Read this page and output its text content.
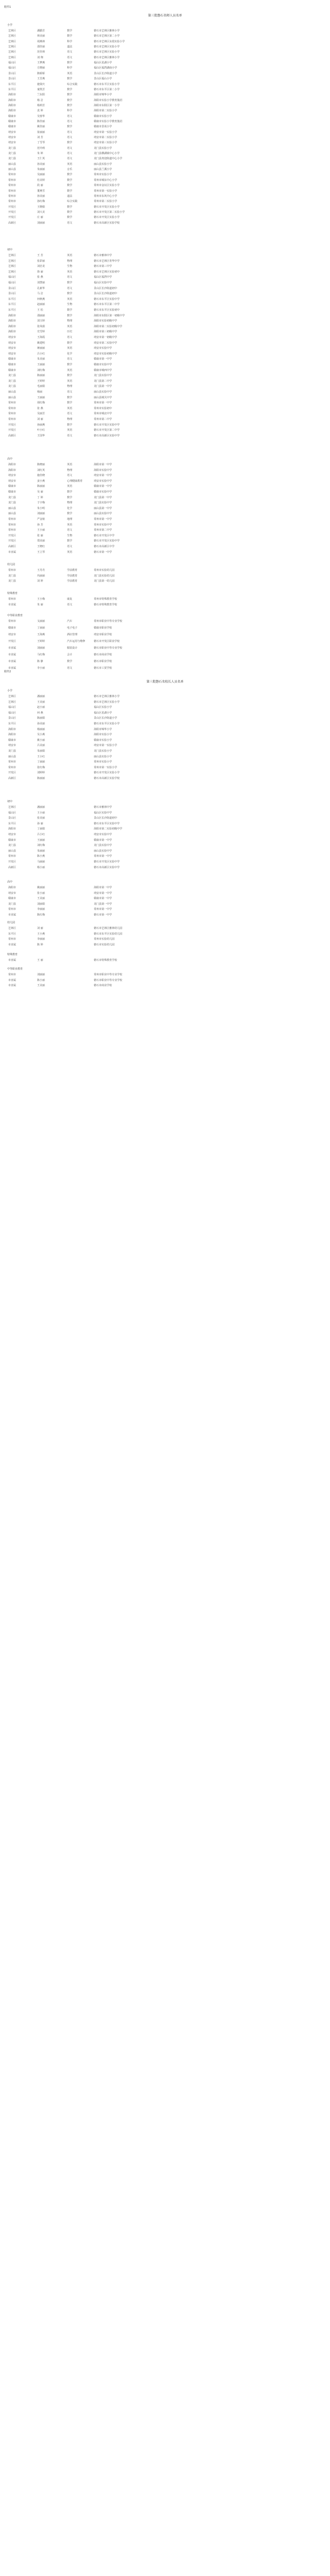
附件1
第三批磐石名师人员名单
小学
艺林区	潘勤芳	数学	磐石市艺林区雅林小学
艺林区	林美丽	数学	磐石市艺林区第二小学
艺林区	胡燕林	科学	磐石市艺林区东霞实验小学
艺林区	邵佳丽	道法	磐石市艺林区实验小学
艺林区	范佳林	语文	磐石市艺林区实验小学
艺林区	刘 翔	语文	磐石市艺林区雅林小学
福山区	王梦燕	数学	福山区星湖小学
福山区	方晓丽	科学	福山区福湾湖南小学
景山区	陈娇娇	英语	景山区长沙街道小学
景山区	王芳燕	数学	景山区福山小学
东平区	施贤庆	综合实践	磐石市东平区实验小学
东平区	童凯芳	数学	磐石市东平区第二小学
海阳市	兰东阳	数学	海阳市锦华小学
海阳市	杨 洁	数学	海阳市实验小学教育集团
海阳市	杨莉芳	数学	海阳市东阳区第一小学
海阳市	袁 婷	科学	海阳市第二实验小学
赣康市	吴蓉华	语文	赣康市实验小学
赣康市	陈佳丽	语文	赣康市实验小学教育集团
赣康市	姚佳丽	数学	赣康市景苑小学
靖安市	崔丽丽	语文	靖安市第一实验小学
靖安市	刘 芳	语文	靖安市第二实验小学
靖安市	丁雪琴	数学	靖安市第三实验小学
龙门县	范玲莉	语文	龙门县实验小学
龙门县	朱 婷	语文	龙门县横湖镇中心小学
龙门县	王仁英	语文	龙门县贵迎街道中心小学
丽山县	孙美丽	英语	丽山县实验小学
丽山县	朱丽丽	音乐	丽山县兰溪小学
常州市	吴丽丽	数学	常州市实验小学
常州市	杜美婷	数学	常州市城东中心小学
常州市	段 丽	数学	常州市金坛区实验小学
常州市	董燕雪	数学	常州市第一实验小学
常州市	孙美丽	道法	常州市东风中心小学
常州市	孙红梅	综合实践	常州市第二实验小学
开发区	王晓娟	数学	磐石市开发区实验小学
开发区	刘大美	数学	磐石市开发区第二实验小学
开发区	庄 丽	数学	磐石市开发区实验小学
高新区	刘丽丽	语文	磐石市高新区实验学校
初中
艺林区	王 芳	英语	磐石市雅林中学
艺林区	张彩丽	物理	磐石市艺林区育华中学
艺林区	刘忠龙	生物	磐石市第三中学
艺林区	徐 丽	英语	磐石市艺林区实验初中
福山区	张 燕	语文	福山区福湾中学
福山区	刘慧丽	数学	福山区实验中学
景山区	孔新华	语文	景山区长沙街道初中
景山区	马 洁	数学	景山区长沙街道初中
东平区	何秋燕	英语	磐石市东平区实验中学
东平区	赵丽丽	生物	磐石市东平区第二中学
东平区	王 松	数学	磐石市东平区实验初中
海阳市	邵丽丽	数学	海阳市东阳区第一初级中学
海阳市	刘玉婷	物理	海阳市实验初级中学
海阳市	张凤娟	英语	海阳市第二实验初级中学
海阳市	史雪婷	历史	海阳市第三初级中学
靖安市	王海霞	语文	靖安市第一初级中学
靖安市	姚建明	数学	靖安市第二实验中学
靖安市	蒋丽丽	英语	靖安市实验中学
靖安市	吕小红	化学	靖安市实验初级中学
赣康市	朱美丽	语文	赣康市第一中学
赣康市	王丽丽	数学	赣康市实验中学
赣康市	刘红梅	英语	赣康市城西中学
龙门县	陈丽丽	数学	龙门县实验中学
龙门县	王婷婷	英语	龙门县第二中学
龙门县	毛丽娟	物理	龙门县第一中学
丽山县	杨丽	语文	丽山县实验中学
丽山县	王丽丽	数学	丽山县城关中学
常州市	胡红梅	数学	常州市第一中学
常州市	张 燕	英语	常州市实验初中
常州市	吴丽芳	语文	常州市城北中学
常州市	刘 丽	物理	常州市第二中学
开发区	孙丽燕	数学	磐石市开发区实验中学
开发区	叶小红	英语	磐石市开发区第二中学
高新区	王国华	语文	磐石市高新区实验中学
高中
海阳市	陈晓丽	英语	海阳市第一中学
海阳市	刘红英	物理	海阳市实验中学
靖安市	施佳晓	语文	靖安市第一中学
靖安市	姜小燕	心理健康教育	靖安市实验中学
赣康市	陈丽丽	英语	赣康市第一中学
赣康市	吴 丽	数学	赣康市实验中学
龙门县	丁 婷	数学	龙门县第一中学
龙门县	于宇梅	物理	龙门县实验中学
丽山县	朱小明	化学	丽山县第一中学
丽山县	刘丽丽	数学	丽山县实验中学
常州市	严金铭	地理	常州市第一中学
常州市	孙 芳	英语	常州市实验中学
常州市	王小丽	语文	常州市第二中学
开发区	张 丽	生物	磐石市开发区中学
开发区	郑美丽	数学	磐石市开发区实验中学
高新区	王晓红	语文	磐石市高新区中学
市直属	王立琴	英语	磐石市第一中学
幼儿园
常州市	王丹丹	学前教育	常州市实验幼儿园
龙门县	玛丽丽	学前教育	龙门县实验幼儿园
龙门县	刘 婷	学前教育	龙门县第一幼儿园
特殊教育
常州市	王小梅	康复	常州市特殊教育学校
市直属	朱 丽	语文	磐石市特殊教育学校
中等职业教育
常州市	戈丽丽	汽车	常州市职业中等专业学校
赣康市	丁丽丽	电子电子	赣康市职业学校
靖安市	王海燕	酒店管理	靖安市职业学校
开发区	王婷婷	汽车运用与维修	磐石市开发区职业学校
市直属	刘丽丽	服装设计	磐石市职业中等专业学校
市直属	马红梅	会计	磐石市商业学校
市直属	陈 静	数学	磐石市职业学校
市直属	李小丽	语文	磐石市工贸学校
附件2
第三批磐石名校长人员名单
小学
艺林区	潘丽丽	磐石市艺林区雅林小学
艺林区	王美丽	磐石市艺林区实验小学
福山区	赵小丽	福山区实验小学
福山区	何 燕	福山区星湖小学
景山区	陈丽娟	景山区长沙街道小学
东平区	孙美丽	磐石市东平区实验小学
海阳市	杨丽丽	海阳市锦华小学
海阳市	吴小燕	海阳市实验小学
赣康市	姚小丽	赣康市实验小学
靖安市	吕美丽	靖安市第一实验小学
龙门县	朱丽娟	龙门县实验小学
丽山县	王小红	丽山县实验小学
常州市	丁丽丽	常州市实验小学
常州市	张红梅	常州市第一实验小学
开发区	刘婷婷	磐石市开发区实验小学
高新区	陈丽丽	磐石市高新区实验学校
初中
艺林区	潘丽丽	磐石市雅林中学
福山区	王小丽	福山区实验中学
景山区	张美丽	景山区长沙街道初中
东平区	孙 丽	磐石市东平区实验中学
海阳市	丁丽娟	海阳市第二实验初级中学
靖安市	吕小红	靖安市实验中学
赣康市	王丽丽	赣康市第一中学
龙门县	刘红梅	龙门县实验中学
丽山县	朱丽丽	丽山县实验中学
常州市	陈小燕	常州市第一中学
开发区	马丽丽	磐石市开发区实验中学
高新区	杨小丽	磐石市高新区实验中学
高中
海阳市	姚丽丽	海阳市第一中学
靖安市	张小丽	靖安市第一中学
赣康市	王美丽	赣康市第一中学
龙门县	刘丽娟	龙门县第一中学
常州市	李丽丽	常州市第一中学
市直属	陈红梅	磐石市第一中学
幼儿园
艺林区	刘 丽	磐石市艺林区雅林幼儿园
东平区	王小燕	磐石市东平区实验幼儿园
常州市	李丽丽	常州市实验幼儿园
市直属	陈 婷	磐石市实验幼儿园
特殊教育
市直属	王 丽	磐石市特殊教育学校
中等职业教育
常州市	刘丽丽	常州市职业中等专业学校
市直属	陈小丽	磐石市职业中等专业学校
市直属	王美丽	磐石市商业学校
